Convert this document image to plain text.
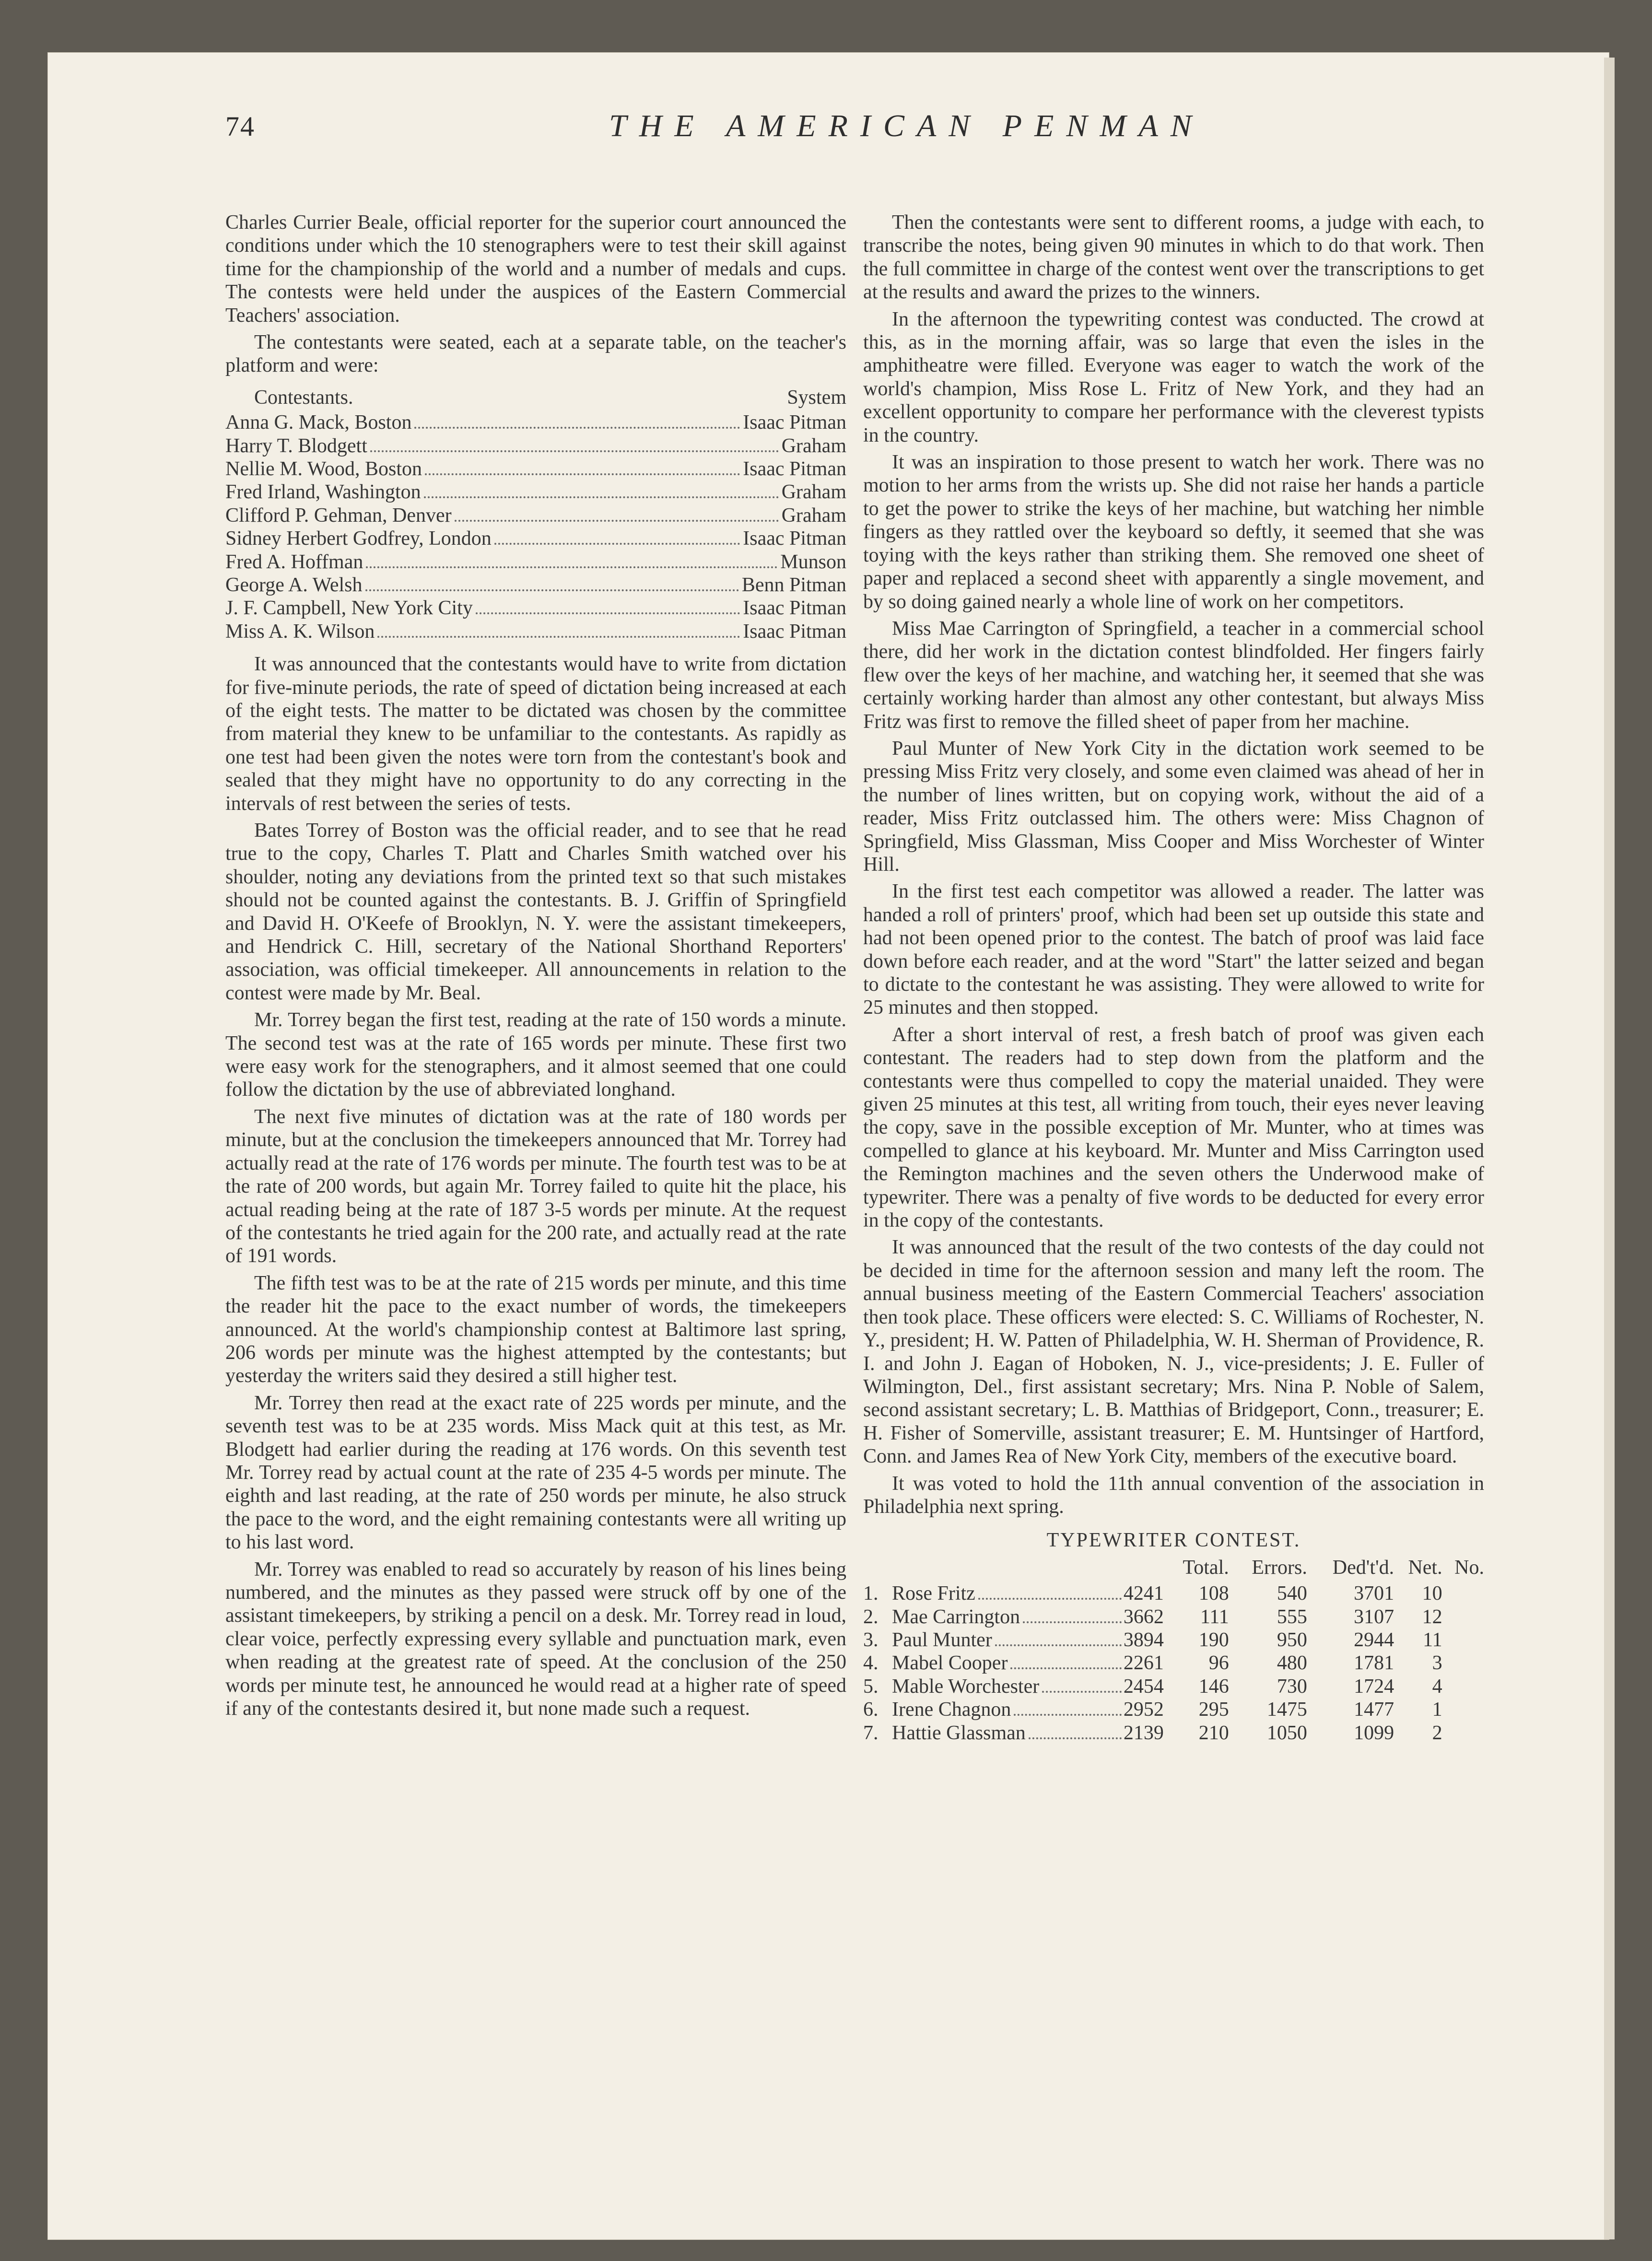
74	THE AMERICAN PENMAN

Charles Currier Beale, official reporter for the superior court announced the conditions under which the 10 stenographers were to test their skill against time for the championship of the world and a number of medals and cups. The contests were held under the auspices of the Eastern Commercial Teachers' association.

The contestants were seated, each at a separate table, on the teacher's platform and were:

Contestants.	System
Anna G. Mack, Boston	Isaac Pitman
Harry T. Blodgett	Graham
Nellie M. Wood, Boston	Isaac Pitman
Fred Irland, Washington	Graham
Clifford P. Gehman, Denver	Graham
Sidney Herbert Godfrey, London	Isaac Pitman
Fred A. Hoffman	Munson
George A. Welsh	Benn Pitman
J. F. Campbell, New York City	Isaac Pitman
Miss A. K. Wilson	Isaac Pitman

It was announced that the contestants would have to write from dictation for five-minute periods, the rate of speed of dictation being increased at each of the eight tests. The matter to be dictated was chosen by the committee from material they knew to be unfamiliar to the contestants. As rapidly as one test had been given the notes were torn from the contestant's book and sealed that they might have no opportunity to do any correcting in the intervals of rest between the series of tests.

Bates Torrey of Boston was the official reader, and to see that he read true to the copy, Charles T. Platt and Charles Smith watched over his shoulder, noting any deviations from the printed text so that such mistakes should not be counted against the contestants. B. J. Griffin of Springfield and David H. O'Keefe of Brooklyn, N. Y. were the assistant timekeepers, and Hendrick C. Hill, secretary of the National Shorthand Reporters' association, was official timekeeper. All announcements in relation to the contest were made by Mr. Beal.

Mr. Torrey began the first test, reading at the rate of 150 words a minute. The second test was at the rate of 165 words per minute. These first two were easy work for the stenographers, and it almost seemed that one could follow the dictation by the use of abbreviated longhand.

The next five minutes of dictation was at the rate of 180 words per minute, but at the conclusion the timekeepers announced that Mr. Torrey had actually read at the rate of 176 words per minute. The fourth test was to be at the rate of 200 words, but again Mr. Torrey failed to quite hit the place, his actual reading being at the rate of 187 3-5 words per minute. At the request of the contestants he tried again for the 200 rate, and actually read at the rate of 191 words.

The fifth test was to be at the rate of 215 words per minute, and this time the reader hit the pace to the exact number of words, the timekeepers announced. At the world's championship contest at Baltimore last spring, 206 words per minute was the highest attempted by the contestants; but yesterday the writers said they desired a still higher test.

Mr. Torrey then read at the exact rate of 225 words per minute, and the seventh test was to be at 235 words. Miss Mack quit at this test, as Mr. Blodgett had earlier during the reading at 176 words. On this seventh test Mr. Torrey read by actual count at the rate of 235 4-5 words per minute. The eighth and last reading, at the rate of 250 words per minute, he also struck the pace to the word, and the eight remaining contestants were all writing up to his last word.

Mr. Torrey was enabled to read so accurately by reason of his lines being numbered, and the minutes as they passed were struck off by one of the assistant timekeepers, by striking a pencil on a desk. Mr. Torrey read in loud, clear voice, perfectly expressing every syllable and punctuation mark, even when reading at the greatest rate of speed. At the conclusion of the 250 words per minute test, he announced he would read at a higher rate of speed if any of the contestants desired it, but none made such a request.

Then the contestants were sent to different rooms, a judge with each, to transcribe the notes, being given 90 minutes in which to do that work. Then the full committee in charge of the contest went over the transcriptions to get at the results and award the prizes to the winners.

In the afternoon the typewriting contest was conducted. The crowd at this, as in the morning affair, was so large that even the isles in the amphitheatre were filled. Everyone was eager to watch the work of the world's champion, Miss Rose L. Fritz of New York, and they had an excellent opportunity to compare her performance with the cleverest typists in the country.

It was an inspiration to those present to watch her work. There was no motion to her arms from the wrists up. She did not raise her hands a particle to get the power to strike the keys of her machine, but watching her nimble fingers as they rattled over the keyboard so deftly, it seemed that she was toying with the keys rather than striking them. She removed one sheet of paper and replaced a second sheet with apparently a single movement, and by so doing gained nearly a whole line of work on her competitors.

Miss Mae Carrington of Springfield, a teacher in a commercial school there, did her work in the dictation contest blindfolded. Her fingers fairly flew over the keys of her machine, and watching her, it seemed that she was certainly working harder than almost any other contestant, but always Miss Fritz was first to remove the filled sheet of paper from her machine.

Paul Munter of New York City in the dictation work seemed to be pressing Miss Fritz very closely, and some even claimed was ahead of her in the number of lines written, but on copying work, without the aid of a reader, Miss Fritz outclassed him. The others were: Miss Chagnon of Springfield, Miss Glassman, Miss Cooper and Miss Worchester of Winter Hill.

In the first test each competitor was allowed a reader. The latter was handed a roll of printers' proof, which had been set up outside this state and had not been opened prior to the contest. The batch of proof was laid face down before each reader, and at the word "Start" the latter seized and began to dictate to the contestant he was assisting. They were allowed to write for 25 minutes and then stopped.

After a short interval of rest, a fresh batch of proof was given each contestant. The readers had to step down from the platform and the contestants were thus compelled to copy the material unaided. They were given 25 minutes at this test, all writing from touch, their eyes never leaving the copy, save in the possible exception of Mr. Munter, who at times was compelled to glance at his keyboard. Mr. Munter and Miss Carrington used the Remington machines and the seven others the Underwood make of typewriter. There was a penalty of five words to be deducted for every error in the copy of the contestants.

It was announced that the result of the two contests of the day could not be decided in time for the afternoon session and many left the room. The annual business meeting of the Eastern Commercial Teachers' association then took place. These officers were elected: S. C. Williams of Rochester, N. Y., president; H. W. Patten of Philadelphia, W. H. Sherman of Providence, R. I. and John J. Eagan of Hoboken, N. J., vice-presidents; J. E. Fuller of Wilmington, Del., first assistant secretary; Mrs. Nina P. Noble of Salem, second assistant secretary; L. B. Matthias of Bridgeport, Conn., treasurer; E. H. Fisher of Somerville, assistant treasurer; E. M. Huntsinger of Hartford, Conn. and James Rea of New York City, members of the executive board.

It was voted to hold the 11th annual convention of the association in Philadelphia next spring.

TYPEWRITER CONTEST.
		Total.	Errors.	Ded't'd.	Net.	No.
1.	Rose Fritz 4241	108	540	3701	10	
2.	Mae Carrington 3662	111	555	3107	12	
3.	Paul Munter 3894	190	950	2944	11	
4.	Mabel Cooper 2261	96	480	1781	3	
5.	Mable Worchester 2454	146	730	1724	4	
6.	Irene Chagnon 2952	295	1475	1477	1	
7.	Hattie Glassman 2139	210	1050	1099	2	
